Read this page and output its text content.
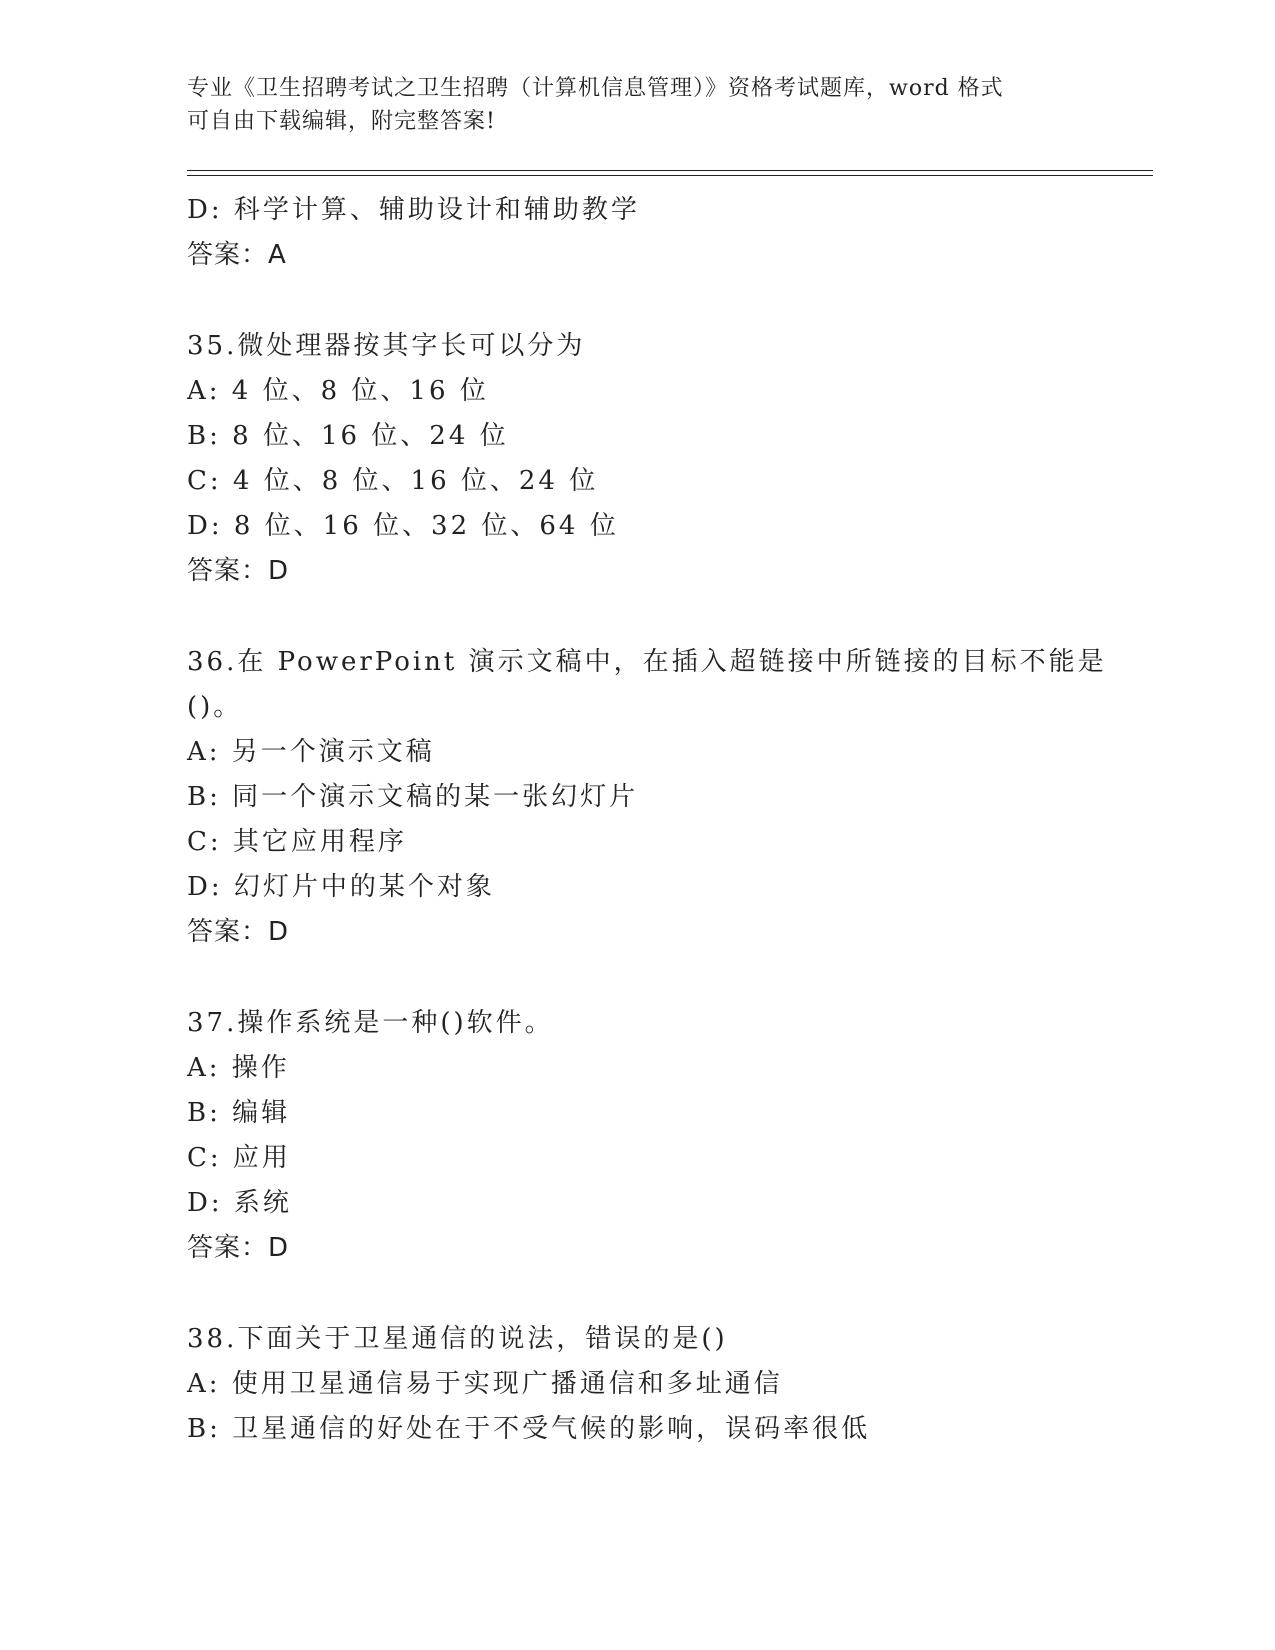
专业《卫生招聘考试之卫生招聘（计算机信息管理）》资格考试题库，word 格式
可自由下载编辑，附完整答案!
D: 科学计算、辅助设计和辅助教学
答案：A
35.微处理器按其字长可以分为
A: 4 位、8 位、16 位
B: 8 位、16 位、24 位
C: 4 位、8 位、16 位、24 位
D: 8 位、16 位、32 位、64 位
答案：D
36.在 PowerPoint 演示文稿中，在插入超链接中所链接的目标不能是
()。
A: 另一个演示文稿
B: 同一个演示文稿的某一张幻灯片
C: 其它应用程序
D: 幻灯片中的某个对象
答案：D
37.操作系统是一种()软件。
A: 操作
B: 编辑
C: 应用
D: 系统
答案：D
38.下面关于卫星通信的说法，错误的是()
A: 使用卫星通信易于实现广播通信和多址通信
B: 卫星通信的好处在于不受气候的影响，误码率很低
